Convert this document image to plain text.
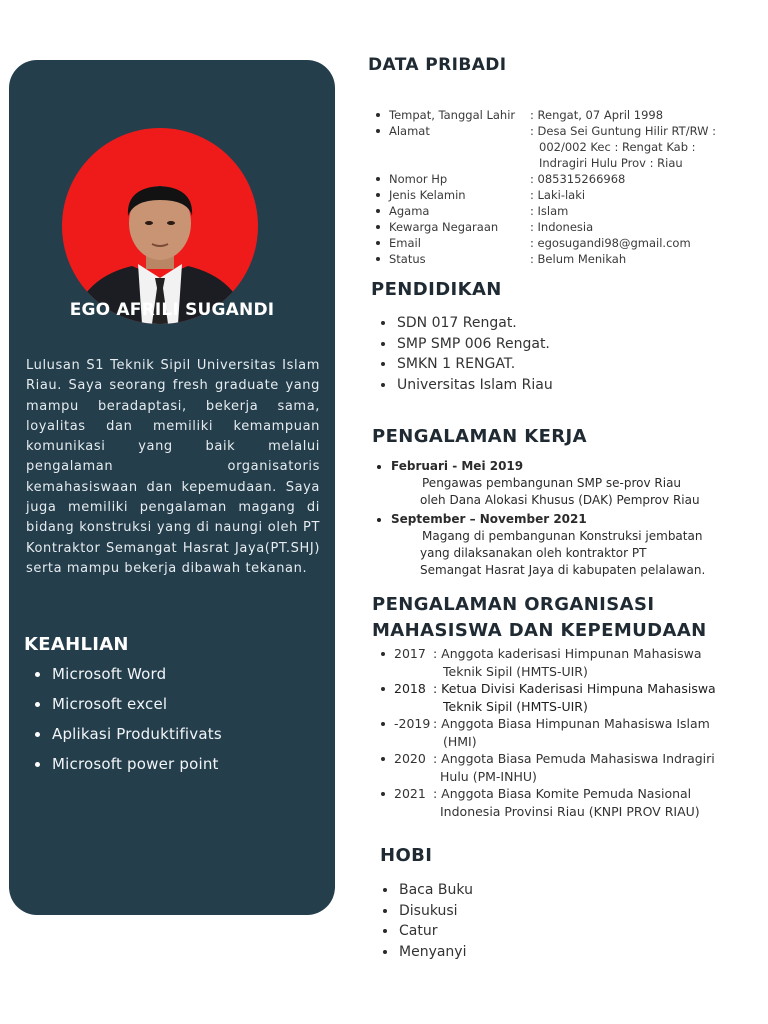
EGO AFRILI SUGANDI
Lulusan S1 Teknik Sipil Universitas Islam Riau. Saya seorang fresh graduate yang mampu beradaptasi, bekerja sama, loyalitas dan memiliki kemampuan komunikasi yang baik melalui pengalaman organisatoris kemahasiswaan dan kepemudaan. Saya juga memiliki pengalaman magang di bidang konstruksi yang di naungi oleh PT Kontraktor Semangat Hasrat Jaya(PT.SHJ) serta mampu bekerja dibawah tekanan.
KEAHLIAN
Microsoft Word
Microsoft excel
Aplikasi Produktifivats
Microsoft power point
DATA PRIBADI
Tempat, Tanggal Lahir : Rengat, 07 April 1998
Alamat	: Desa Sei Guntung Hilir RT/RW :
002/002 Kec : Rengat Kab :
Indragiri Hulu Prov : Riau
Nomor Hp	: 085315266968
Jenis Kelamin	: Laki-laki
Agama	: Islam
Kewarga Negaraan	: Indonesia
Email	: egosugandi98@gmail.com
Status	: Belum Menikah
PENDIDIKAN
SDN 017 Rengat.
SMP SMP 006 Rengat.
SMKN 1 RENGAT.
Universitas Islam Riau
PENGALAMAN KERJA
Februari - Mei 2019
Pengawas pembangunan SMP se-prov Riau
oleh Dana Alokasi Khusus (DAK) Pemprov Riau
September – November 2021
Magang di pembangunan Konstruksi jembatan
yang dilaksanakan oleh kontraktor PT
Semangat Hasrat Jaya di kabupaten pelalawan.
PENGALAMAN ORGANISASI
MAHASISWA DAN KEPEMUDAAN
2017 : Anggota kaderisasi Himpunan Mahasiswa
Teknik Sipil (HMTS-UIR)
2018 : Ketua Divisi Kaderisasi Himpuna Mahasiswa
Teknik Sipil (HMTS-UIR)
-2019 : Anggota Biasa Himpunan Mahasiswa Islam
(HMI)
2020 : Anggota Biasa Pemuda Mahasiswa Indragiri
Hulu (PM-INHU)
2021 : Anggota Biasa Komite Pemuda Nasional
Indonesia Provinsi Riau (KNPI PROV RIAU)
HOBI
Baca Buku
Disukusi
Catur
Menyanyi
